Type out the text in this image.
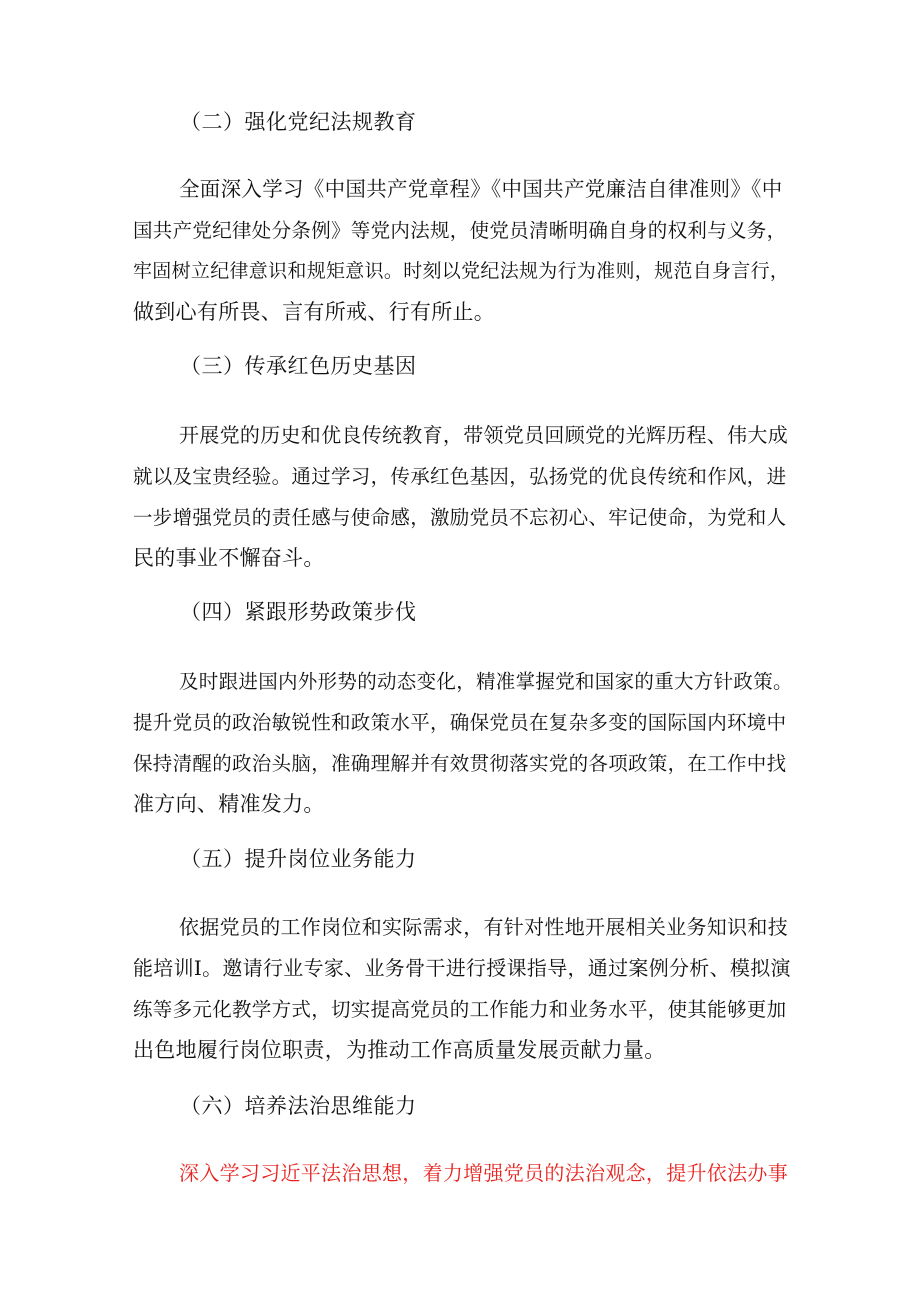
（二）强化党纪法规教育
全面深入学习《中国共产党章程》《中国共产党廉洁自律准则》《中
国共产党纪律处分条例》等党内法规，使党员清晰明确自身的权利与义务，
牢固树立纪律意识和规矩意识。时刻以党纪法规为行为准则，规范自身言行，
做到心有所畏、言有所戒、行有所止。
（三）传承红色历史基因
开展党的历史和优良传统教育，带领党员回顾党的光辉历程、伟大成
就以及宝贵经验。通过学习，传承红色基因，弘扬党的优良传统和作风，进
一步增强党员的责任感与使命感，激励党员不忘初心、牢记使命，为党和人
民的事业不懈奋斗。
（四）紧跟形势政策步伐
及时跟进国内外形势的动态变化，精准掌握党和国家的重大方针政策。
提升党员的政治敏锐性和政策水平，确保党员在复杂多变的国际国内环境中
保持清醒的政治头脑，准确理解并有效贯彻落实党的各项政策，在工作中找
准方向、精准发力。
（五）提升岗位业务能力
依据党员的工作岗位和实际需求，有针对性地开展相关业务知识和技
能培训I。邀请行业专家、业务骨干进行授课指导，通过案例分析、模拟演
练等多元化教学方式，切实提高党员的工作能力和业务水平，使其能够更加
出色地履行岗位职责，为推动工作高质量发展贡献力量。
（六）培养法治思维能力
深入学习习近平法治思想，着力增强党员的法治观念，提升依法办事
